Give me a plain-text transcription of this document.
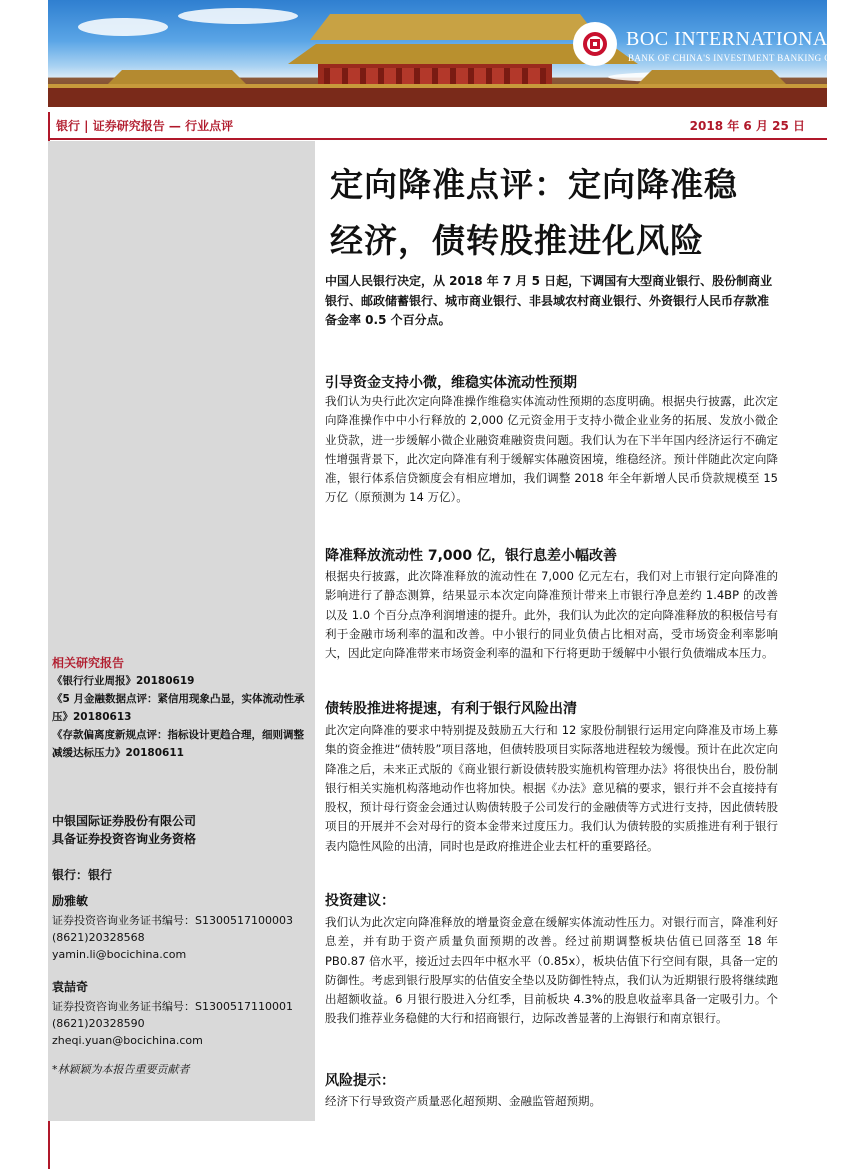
BOC INTERNATIONAL
BANK OF CHINA'S INVESTMENT BANKING GROUP
银行 | 证券研究报告 — 行业点评	2018 年 6 月 25 日
相关研究报告
《银行行业周报》20180619
《5 月金融数据点评：紧信用现象凸显，实体流动性承压》20180613
《存款偏离度新规点评：指标设计更趋合理，细则调整减缓达标压力》20180611
中银国际证券股份有限公司
具备证券投资咨询业务资格
银行：银行
励雅敏
证券投资咨询业务证书编号：S1300517100003
(8621)20328568
yamin.li@bocichina.com
袁喆奇
证券投资咨询业务证书编号：S1300517110001
(8621)20328590
zheqi.yuan@bocichina.com
*林颖颖为本报告重要贡献者
定向降准点评：定向降准稳
经济，债转股推进化风险
中国人民银行决定，从 2018 年 7 月 5 日起，下调国有大型商业银行、股份制商业银行、邮政储蓄银行、城市商业银行、非县域农村商业银行、外资银行人民币存款准备金率 0.5 个百分点。
引导资金支持小微，维稳实体流动性预期
我们认为央行此次定向降准操作维稳实体流动性预期的态度明确。根据央行披露，此次定向降准操作中中小行释放的 2,000 亿元资金用于支持小微企业业务的拓展、发放小微企业贷款，进一步缓解小微企业融资难融资贵问题。我们认为在下半年国内经济运行不确定性增强背景下，此次定向降准有利于缓解实体融资困境，维稳经济。预计伴随此次定向降准，银行体系信贷额度会有相应增加，我们调整 2018 年全年新增人民币贷款规模至 15 万亿（原预测为 14 万亿）。
降准释放流动性 7,000 亿，银行息差小幅改善
根据央行披露，此次降准释放的流动性在 7,000 亿元左右，我们对上市银行定向降准的影响进行了静态测算，结果显示本次定向降准预计带来上市银行净息差约 1.4BP 的改善以及 1.0 个百分点净利润增速的提升。此外，我们认为此次的定向降准释放的积极信号有利于金融市场利率的温和改善。中小银行的同业负债占比相对高，受市场资金利率影响大，因此定向降准带来市场资金利率的温和下行将更助于缓解中小银行负债端成本压力。
债转股推进将提速，有利于银行风险出清
此次定向降准的要求中特别提及鼓励五大行和 12 家股份制银行运用定向降准及市场上募集的资金推进“债转股”项目落地，但债转股项目实际落地进程较为缓慢。预计在此次定向降准之后，未来正式版的《商业银行新设债转股实施机构管理办法》将很快出台，股份制银行相关实施机构落地动作也将加快。根据《办法》意见稿的要求，银行并不会直接持有股权，预计母行资金会通过认购债转股子公司发行的金融债等方式进行支持，因此债转股项目的开展并不会对母行的资本金带来过度压力。我们认为债转股的实质推进有利于银行表内隐性风险的出清，同时也是政府推进企业去杠杆的重要路径。
投资建议：
我们认为此次定向降准释放的增量资金意在缓解实体流动性压力。对银行而言，降准利好息差，并有助于资产质量负面预期的改善。经过前期调整板块估值已回落至 18 年 PB0.87 倍水平，接近过去四年中枢水平（0.85x），板块估值下行空间有限，具备一定的防御性。考虑到银行股厚实的估值安全垫以及防御性特点，我们认为近期银行股将继续跑出超额收益。6 月银行股进入分红季，目前板块 4.3%的股息收益率具备一定吸引力。个股我们推荐业务稳健的大行和招商银行，边际改善显著的上海银行和南京银行。
风险提示：
经济下行导致资产质量恶化超预期、金融监管超预期。
